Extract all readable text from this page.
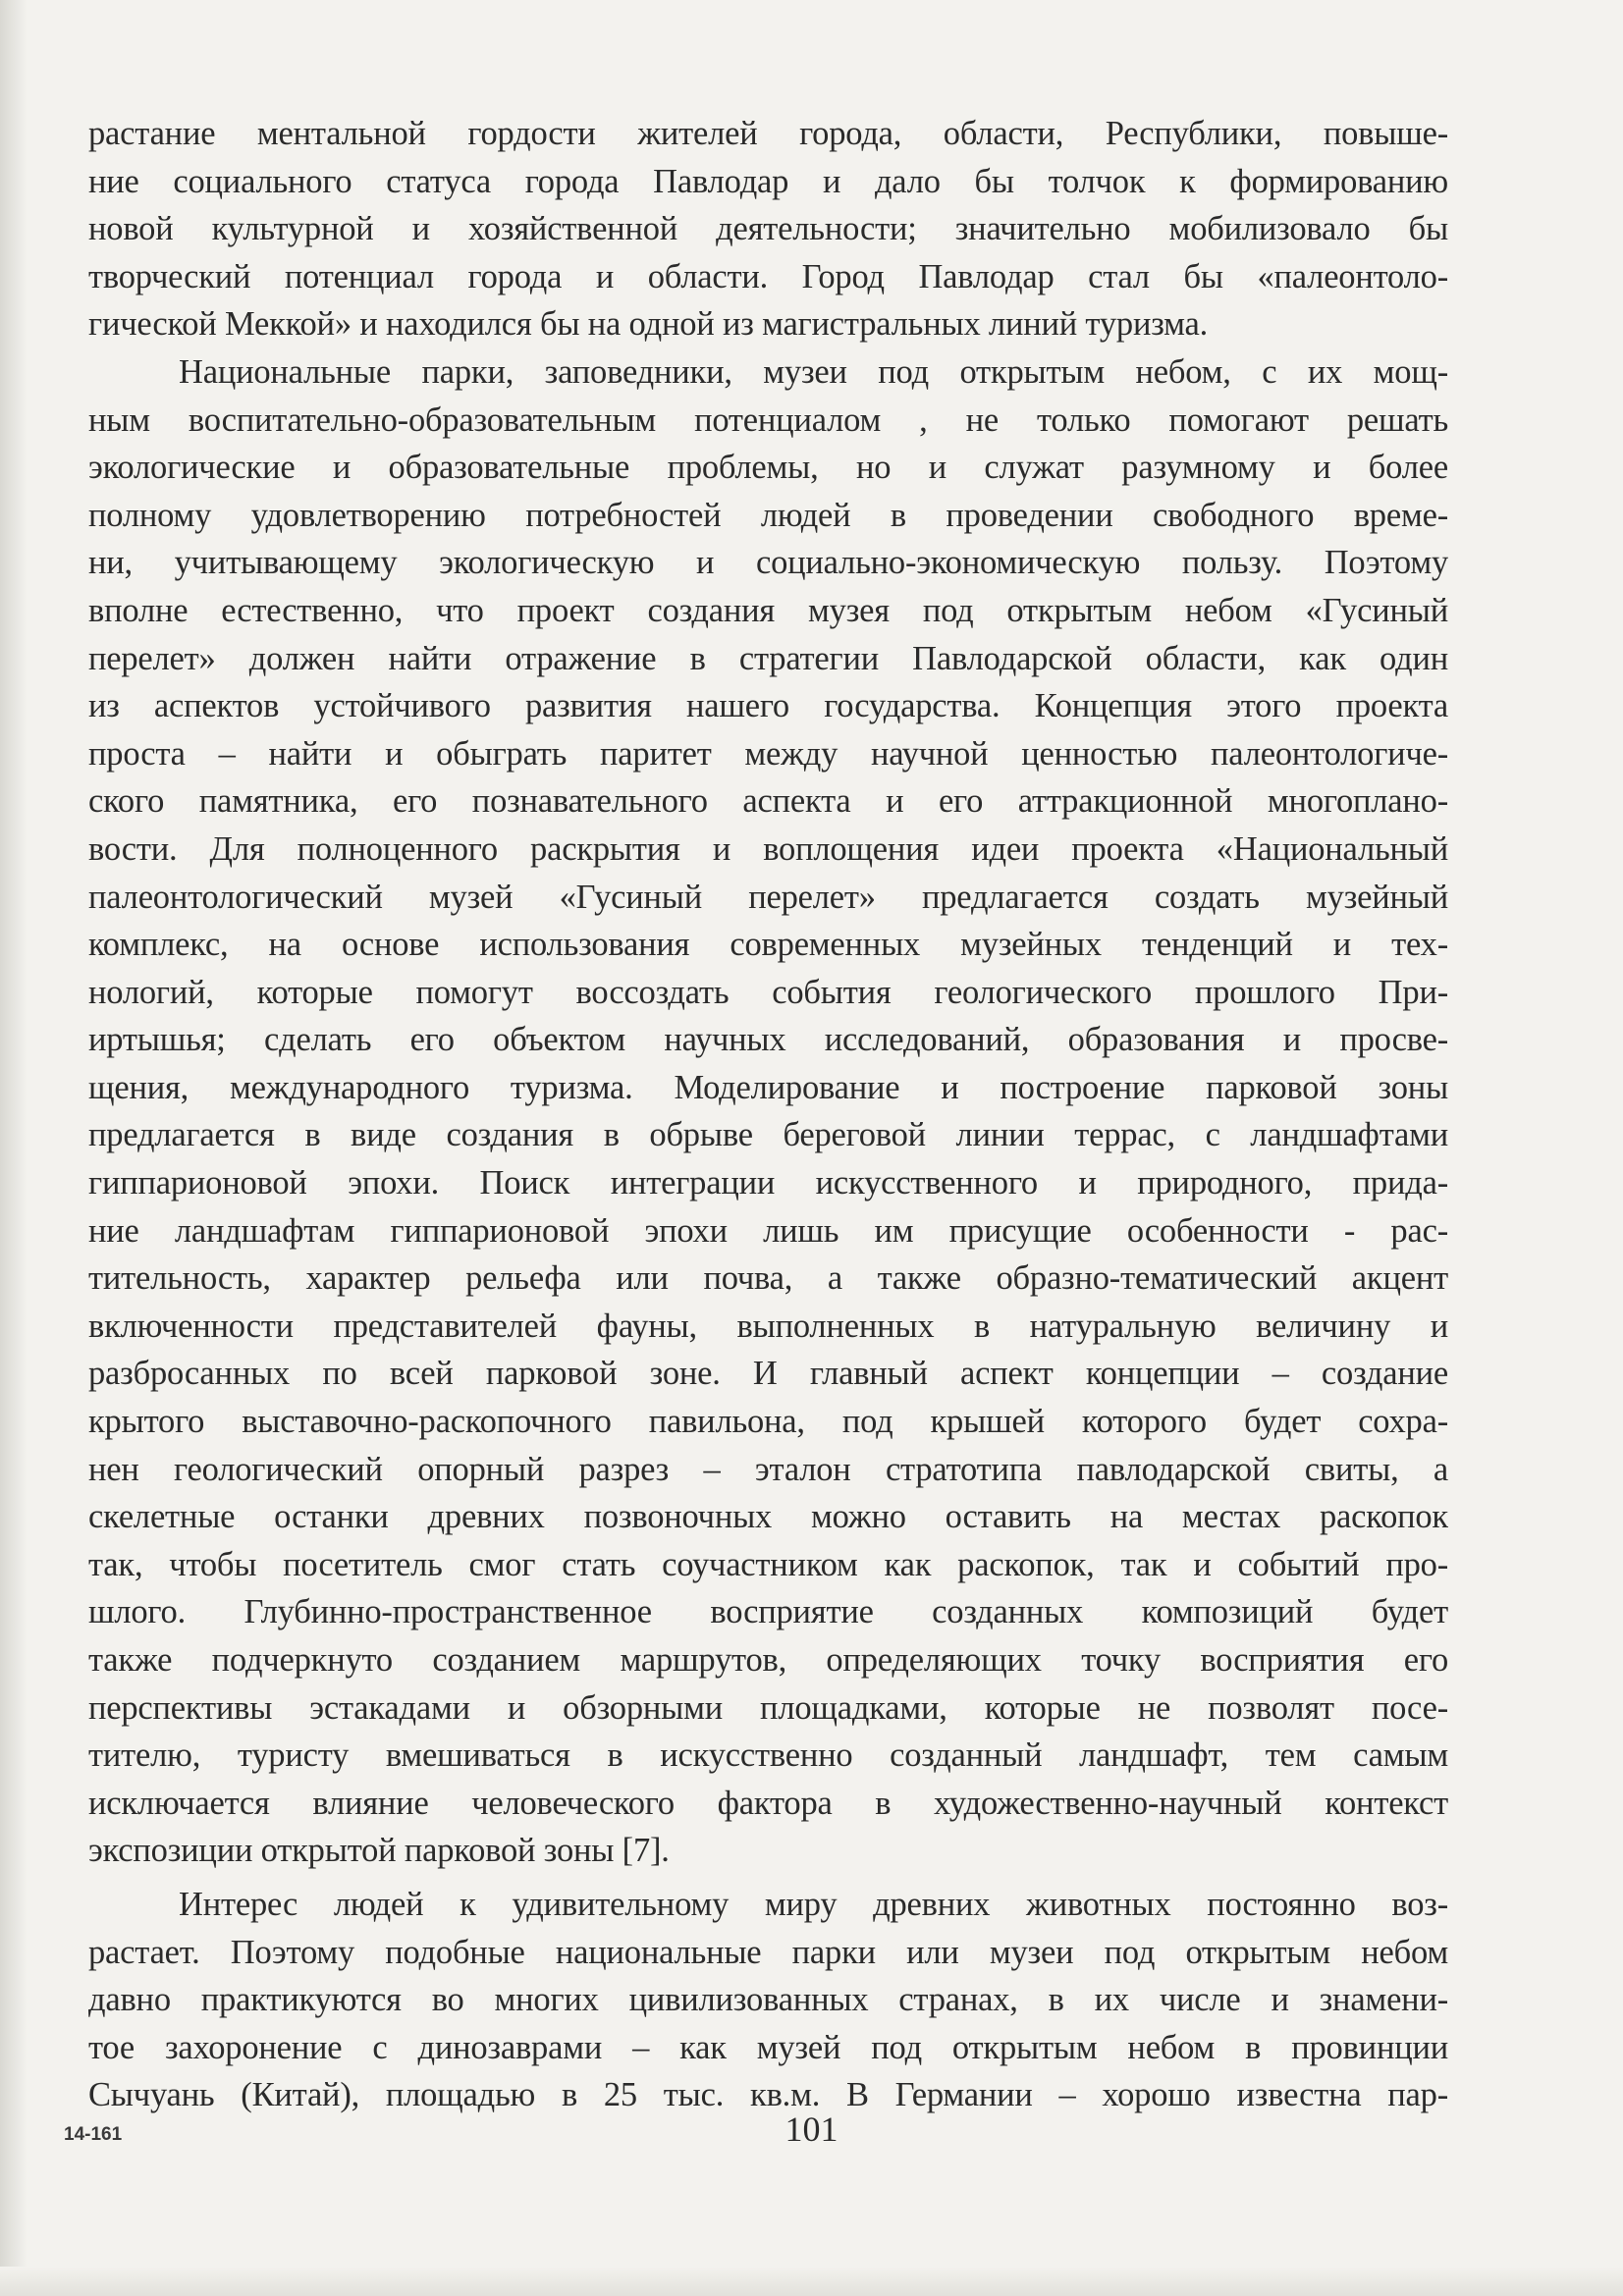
растание ментальной гордости жителей города, области, Республики, повыше-
ние социального статуса города Павлодар и дало бы толчок к формированию
новой культурной и хозяйственной деятельности; значительно мобилизовало бы
творческий потенциал города и области. Город Павлодар стал бы «палеонтоло-
гической Меккой» и находился бы на одной из магистральных линий туризма.
Национальные парки, заповедники, музеи под открытым небом, с их мощ-
ным воспитательно-образовательным потенциалом , не только помогают решать
экологические и образовательные проблемы, но и служат разумному и более
полному удовлетворению потребностей людей в проведении свободного време-
ни, учитывающему экологическую и социально-экономическую пользу. Поэтому
вполне естественно, что проект создания музея под открытым небом «Гусиный
перелет» должен найти отражение в стратегии Павлодарской области, как один
из аспектов устойчивого развития нашего государства. Концепция этого проекта
проста – найти и обыграть паритет между научной ценностью палеонтологиче-
ского памятника, его познавательного аспекта и его аттракционной многоплано-
вости. Для полноценного раскрытия и воплощения идеи проекта «Национальный
палеонтологический музей «Гусиный перелет» предлагается создать музейный
комплекс, на основе использования современных музейных тенденций и тех-
нологий, которые помогут воссоздать события геологического прошлого При-
иртышья; сделать его объектом научных исследований, образования и просве-
щения, международного туризма. Моделирование и построение парковой зоны
предлагается в виде создания в обрыве береговой линии террас, с ландшафтами
гиппарионовой эпохи. Поиск интеграции искусственного и природного, прида-
ние ландшафтам гиппарионовой эпохи лишь им присущие особенности - рас-
тительность, характер рельефа или почва, а также образно-тематический акцент
включенности представителей фауны, выполненных в натуральную величину и
разбросанных по всей парковой зоне. И главный аспект концепции – создание
крытого выставочно-раскопочного павильона, под крышей которого будет сохра-
нен геологический опорный разрез – эталон стратотипа павлодарской свиты, а
скелетные останки древних позвоночных можно оставить на местах раскопок
так, чтобы посетитель смог стать соучастником как раскопок, так и событий про-
шлого. Глубинно-пространственное восприятие созданных композиций будет
также подчеркнуто созданием маршрутов, определяющих точку восприятия его
перспективы эстакадами и обзорными площадками, которые не позволят посе-
тителю, туристу вмешиваться в искусственно созданный ландшафт, тем самым
исключается влияние человеческого фактора в художественно-научный контекст
экспозиции открытой парковой зоны [7].
Интерес людей к удивительному миру древних животных постоянно воз-
растает. Поэтому подобные национальные парки или музеи под открытым небом
давно практикуются во многих цивилизованных странах, в их числе и знамени-
тое захоронение с динозаврами – как музей под открытым небом в провинции
Сычуань (Китай), площадью в 25 тыс. кв.м. В Германии – хорошо известна пар-
14-161	101
